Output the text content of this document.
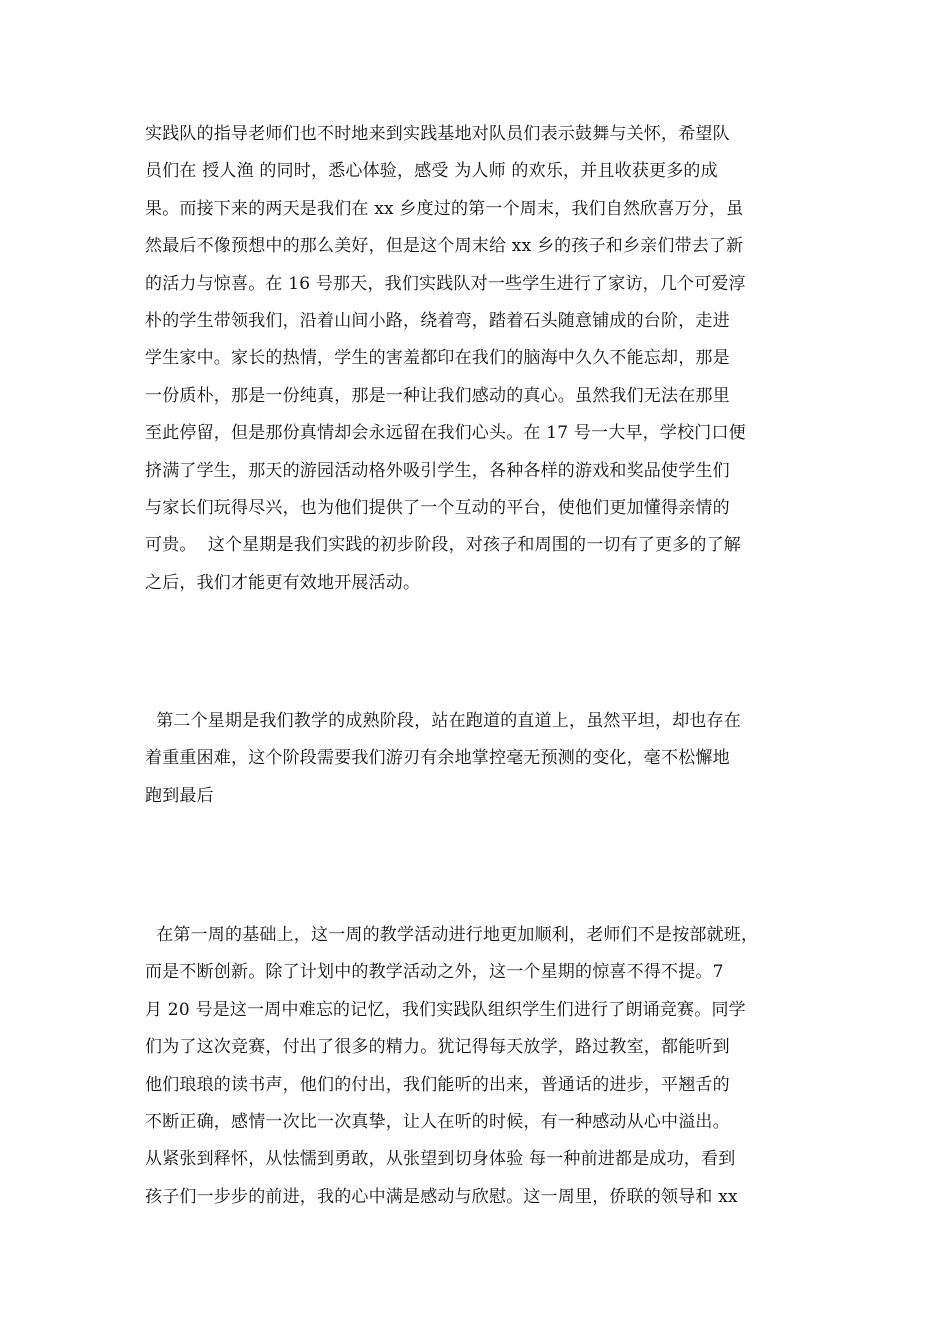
实践队的指导老师们也不时地来到实践基地对队员们表示鼓舞与关怀，希望队
员们在 授人渔 的同时，悉心体验，感受 为人师 的欢乐，并且收获更多的成
果。而接下来的两天是我们在 xx 乡度过的第一个周末，我们自然欣喜万分，虽
然最后不像预想中的那么美好，但是这个周末给 xx 乡的孩子和乡亲们带去了新
的活力与惊喜。在 16 号那天，我们实践队对一些学生进行了家访，几个可爱淳
朴的学生带领我们，沿着山间小路，绕着弯，踏着石头随意铺成的台阶，走进
学生家中。家长的热情，学生的害羞都印在我们的脑海中久久不能忘却，那是
一份质朴，那是一份纯真，那是一种让我们感动的真心。虽然我们无法在那里
至此停留，但是那份真情却会永远留在我们心头。在 17 号一大早，学校门口便
挤满了学生，那天的游园活动格外吸引学生，各种各样的游戏和奖品使学生们
与家长们玩得尽兴，也为他们提供了一个互动的平台，使他们更加懂得亲情的
可贵。  这个星期是我们实践的初步阶段，对孩子和周围的一切有了更多的了解
之后，我们才能更有效地开展活动。
第二个星期是我们教学的成熟阶段，站在跑道的直道上，虽然平坦，却也存在
着重重困难，这个阶段需要我们游刃有余地掌控毫无预测的变化，毫不松懈地
跑到最后
在第一周的基础上，这一周的教学活动进行地更加顺利，老师们不是按部就班，
而是不断创新。除了计划中的教学活动之外，这一个星期的惊喜不得不提。7
月 20 号是这一周中难忘的记忆，我们实践队组织学生们进行了朗诵竞赛。同学
们为了这次竞赛，付出了很多的精力。犹记得每天放学，路过教室，都能听到
他们琅琅的读书声，他们的付出，我们能听的出来，普通话的进步，平翘舌的
不断正确，感情一次比一次真挚，让人在听的时候，有一种感动从心中溢出。
从紧张到释怀，从怯懦到勇敢，从张望到切身体验 每一种前进都是成功，看到
孩子们一步步的前进，我的心中满是感动与欣慰。这一周里，侨联的领导和 xx
